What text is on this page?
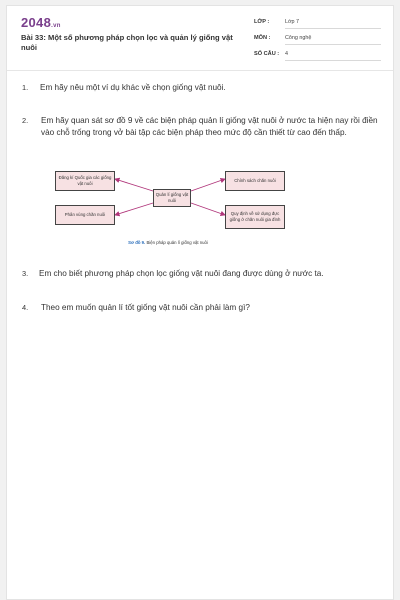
2048.vn
Bài 33: Một số phương pháp chọn lọc và quản lý giống vật nuôi
LỚP :	Lớp 7
MÔN :	Công nghệ
SỐ CÂU : 4
1. Em hãy nêu một ví dụ khác về chọn giống vật nuôi.
2. Em hãy quan sát sơ đồ 9 về các biện pháp quản lí giống vật nuôi ở nước ta hiện nay rồi điền vào chỗ trống trong vở bài tập các biện pháp theo mức độ cần thiết từ cao đến thấp.
Quản lí giống vật nuôi
Đăng kí Quốc gia các giống vật nuôi
Phân vùng chăn nuôi
Chính sách chăn nuôi
Quy định về sử dụng đực giống ở chăn nuôi gia đình
Sơ đồ 9. Biện pháp quản lí giống vật nuôi
3. Em cho biết phương pháp chọn lọc giống vật nuôi đang được dùng ở nước ta.
4. Theo em muốn quản lí tốt giống vật nuôi cần phải làm gì?
